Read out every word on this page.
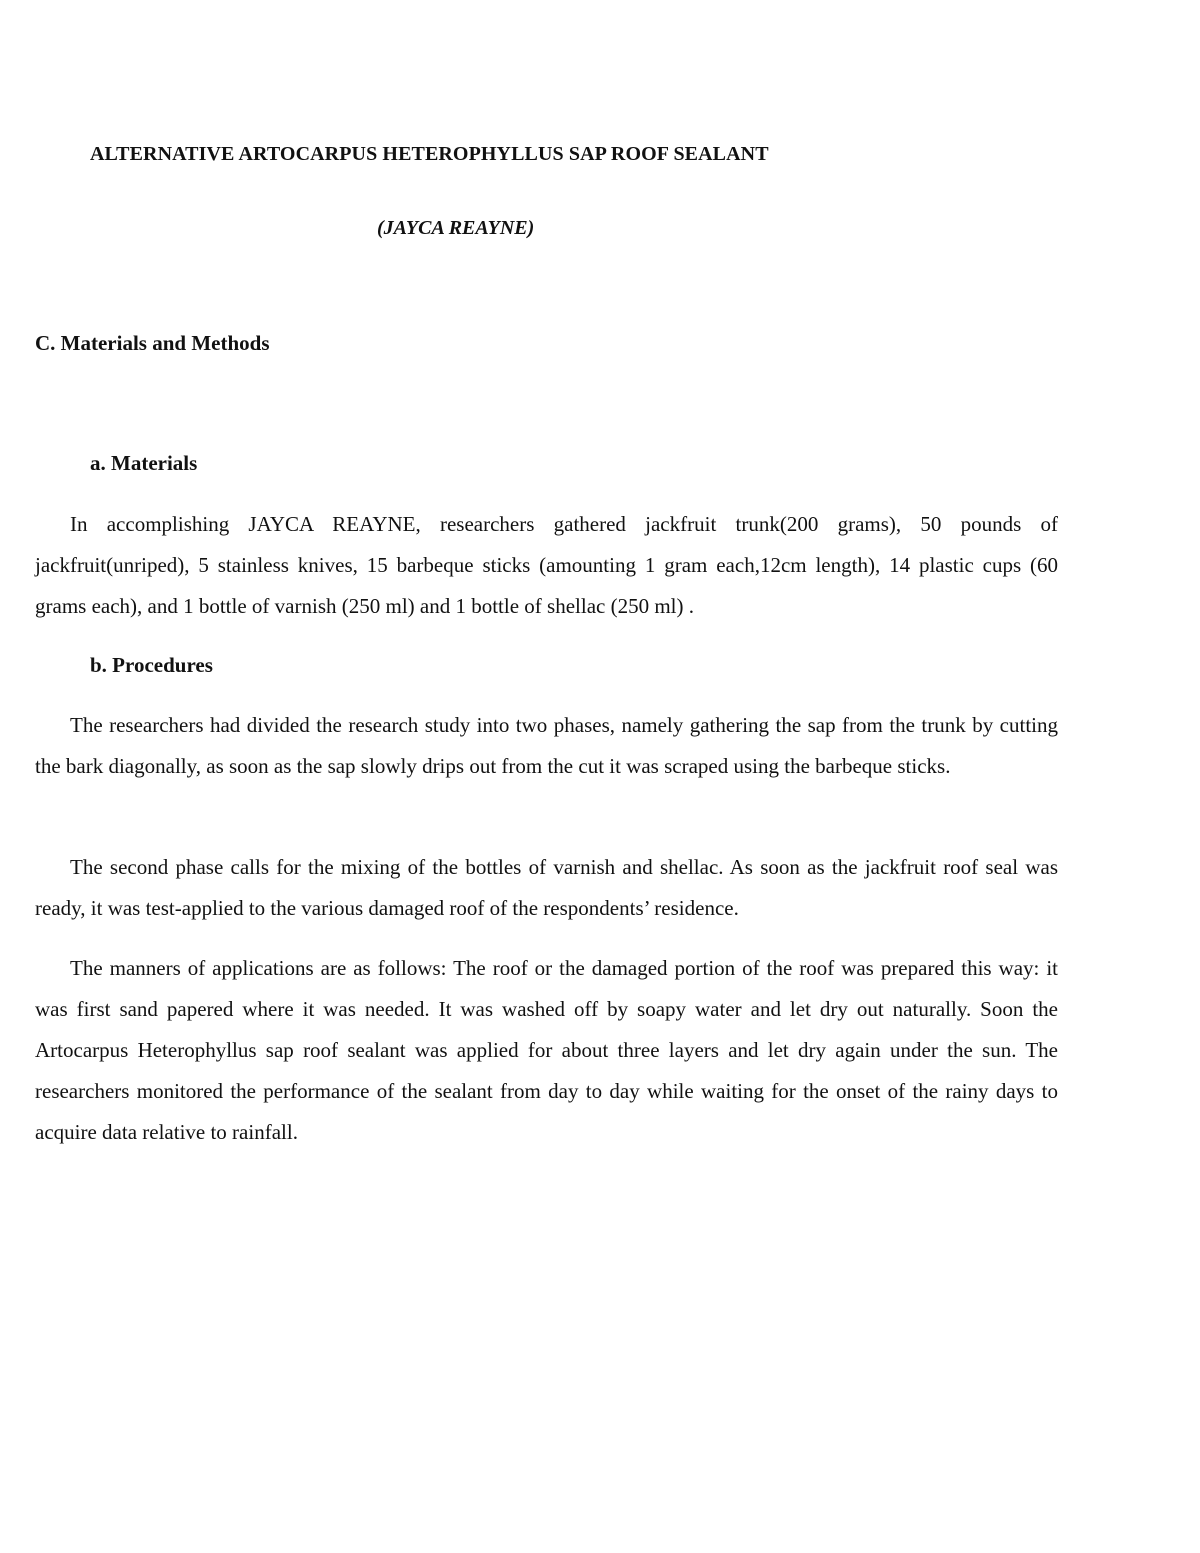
ALTERNATIVE ARTOCARPUS HETEROPHYLLUS SAP ROOF SEALANT
(JAYCA REAYNE)
C. Materials and Methods
a. Materials

In accomplishing JAYCA REAYNE, researchers gathered jackfruit trunk(200 grams), 50 pounds of jackfruit(unriped), 5 stainless knives, 15 barbeque sticks (amounting 1 gram each,12cm length), 14 plastic cups (60 grams each), and 1 bottle of varnish (250 ml) and 1 bottle of shellac (250 ml) .

b. Procedures

The researchers had divided the research study into two phases, namely gathering the sap from the trunk by cutting the bark diagonally, as soon as the sap slowly drips out from the cut it was scraped using the barbeque sticks.

The second phase calls for the mixing of the bottles of varnish and shellac. As soon as the jackfruit roof seal was ready, it was test-applied to the various damaged roof of the respondents’ residence.

The manners of applications are as follows: The roof or the damaged portion of the roof was prepared this way: it was first sand papered where it was needed. It was washed off by soapy water and let dry out naturally. Soon the Artocarpus Heterophyllus sap roof sealant was applied for about three layers and let dry again under the sun. The researchers monitored the performance of the sealant from day to day while waiting for the onset of the rainy days to acquire data relative to rainfall.
